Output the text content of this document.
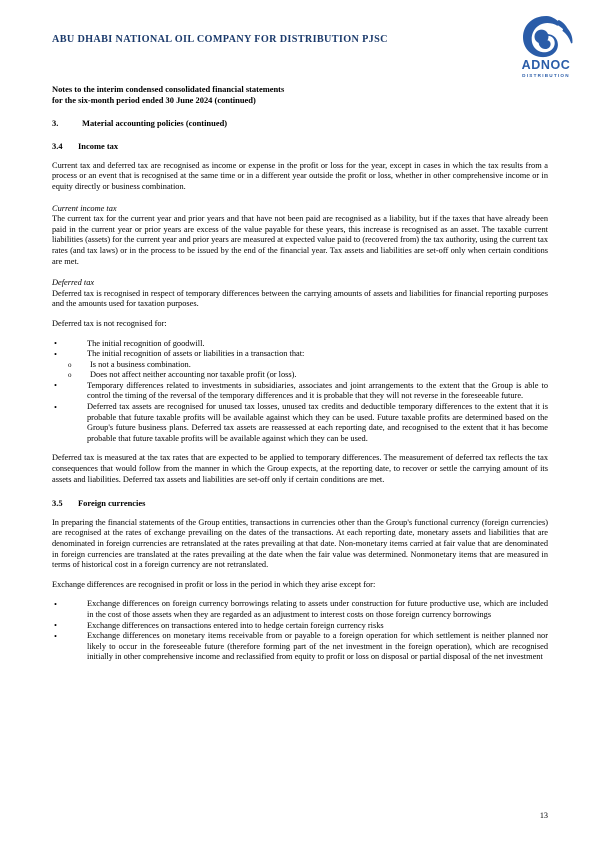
ABU DHABI NATIONAL OIL COMPANY FOR DISTRIBUTION PJSC
ADNOC
DISTRIBUTION
Notes to the interim condensed consolidated financial statements
for the six-month period ended 30 June 2024 (continued)
3.	Material accounting policies (continued)
3.4	Income tax

Current tax and deferred tax are recognised as income or expense in the profit or loss for the year, except in cases in which the tax results from a process or an event that is recognised at the same time or in a different year outside the profit or loss, whether in other comprehensive income or in equity directly or business combination.

Current income tax

The current tax for the current year and prior years and that have not been paid are recognised as a liability, but if the taxes that have already been paid in the current year or prior years are excess of the value payable for these years, this increase is recognised as an asset. The taxable current liabilities (assets) for the current year and prior years are measured at expected value paid to (recovered from) the tax authority, using the current tax rates (and tax laws) or in the process to be issued by the end of the financial year. Tax assets and liabilities are set-off only when certain conditions are met.

Deferred tax

Deferred tax is recognised in respect of temporary differences between the carrying amounts of assets and liabilities for financial reporting purposes and the amounts used for taxation purposes.

Deferred tax is not recognised for:

• The initial recognition of goodwill.
• The initial recognition of assets or liabilities in a transaction that:
o Is not a business combination.
o Does not affect neither accounting nor taxable profit (or loss).
• Temporary differences related to investments in subsidiaries, associates and joint arrangements to the extent that the Group is able to control the timing of the reversal of the temporary differences and it is probable that they will not reverse in the foreseeable future.
• Deferred tax assets are recognised for unused tax losses, unused tax credits and deductible temporary differences to the extent that it is probable that future taxable profits will be available against which they can be used. Future taxable profits are determined based on the Group's future business plans. Deferred tax assets are reassessed at each reporting date, and recognised to the extent that it has become probable that future taxable profits will be available against which they can be used.

Deferred tax is measured at the tax rates that are expected to be applied to temporary differences. The measurement of deferred tax reflects the tax consequences that would follow from the manner in which the Group expects, at the reporting date, to recover or settle the carrying amount of its assets and liabilities. Deferred tax assets and liabilities are set-off only if certain conditions are met.

3.5	Foreign currencies

In preparing the financial statements of the Group entities, transactions in currencies other than the Group's functional currency (foreign currencies) are recognised at the rates of exchange prevailing on the dates of the transactions. At each reporting date, monetary assets and liabilities that are denominated in foreign currencies are retranslated at the rates prevailing at that date. Non-monetary items carried at fair value that are denominated in foreign currencies are translated at the rates prevailing at the date when the fair value was determined. Nonmonetary items that are measured in terms of historical cost in a foreign currency are not retranslated.

Exchange differences are recognised in profit or loss in the period in which they arise except for:

• Exchange differences on foreign currency borrowings relating to assets under construction for future productive use, which are included in the cost of those assets when they are regarded as an adjustment to interest costs on those foreign currency borrowings
• Exchange differences on transactions entered into to hedge certain foreign currency risks
• Exchange differences on monetary items receivable from or payable to a foreign operation for which settlement is neither planned nor likely to occur in the foreseeable future (therefore forming part of the net investment in the foreign operation), which are recognised initially in other comprehensive income and reclassified from equity to profit or loss on disposal or partial disposal of the net investment
13
